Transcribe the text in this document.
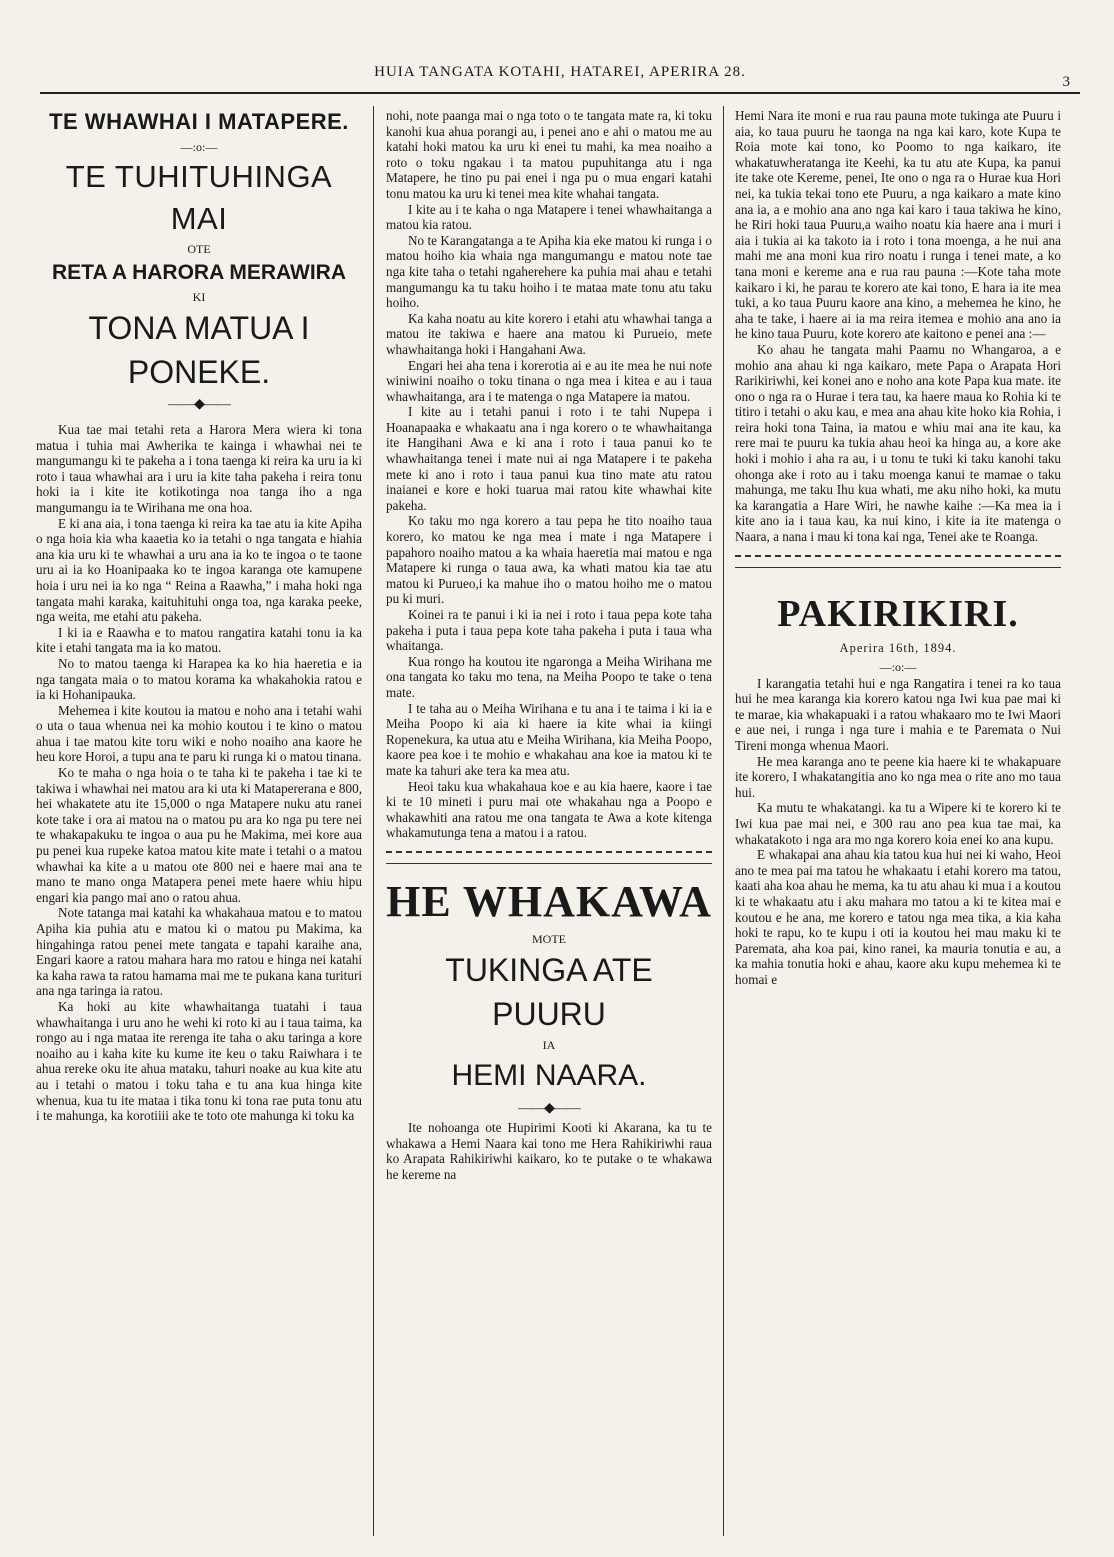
HUIA TANGATA KOTAHI, HATAREI, APERIRA 28.
3
TE WHAWHAI I MATAPERE.
—:o:—
TE TUHITUHINGA MAI
OTE
RETA A HARORA MERAWIRA
KI
TONA MATUA I PONEKE.
——◆——

Kua tae mai tetahi reta a Harora Mera wiera ki tona matua i tuhia mai Awherika te kainga i whawhai nei te mangumangu ki te pakeha a i tona taenga ki reira ka uru ia ki roto i taua whawhai ara i uru ia kite taha pakeha i reira tonu hoki ia i kite ite kotikotinga noa tanga iho a nga mangumangu ia te Wirihana me ona hoa.

E ki ana aia, i tona taenga ki reira ka tae atu ia kite Apiha o nga hoia kia wha kaaetia ko ia tetahi o nga tangata e hiahia ana kia uru ki te whawhai a uru ana ia ko te ingoa o te taone uru ai ia ko Hoanipaaka ko te ingoa karanga ote kamupene hoia i uru nei ia ko nga “ Reina a Raawha,” i maha hoki nga tangata mahi karaka, kaituhituhi onga toa, nga karaka peeke, nga weita, me etahi atu pakeha.

I ki ia e Raawha e to matou rangatira katahi tonu ia ka kite i etahi tangata ma ia ko matou.

No to matou taenga ki Harapea ka ko hia haeretia e ia nga tangata maia o to matou korama ka whakahokia ratou e ia ki Hohanipauka.

Mehemea i kite koutou ia matou e noho ana i tetahi wahi o uta o taua whenua nei ka mohio koutou i te kino o matou ahua i tae matou kite toru wiki e noho noaiho ana kaore he heu kore Horoi, a tupu ana te paru ki runga ki o matou tinana.

Ko te maha o nga hoia o te taha ki te pakeha i tae ki te takiwa i whawhai nei matou ara ki uta ki Matapererana e 800, hei whakatete atu ite 15,000 o nga Matapere nuku atu ranei kote take i ora ai matou na o matou pu ara ko nga pu tere nei te whakapakuku te ingoa o aua pu he Makima, mei kore aua pu penei kua rupeke katoa matou kite mate i tetahi o a matou whawhai ka kite a u matou ote 800 nei e haere mai ana te mano te mano onga Matapera penei mete haere whiu hipu engari kia pango mai ano o ratou ahua.

Note tatanga mai katahi ka whakahaua matou e to matou Apiha kia puhia atu e matou ki o matou pu Makima, ka hingahinga ratou penei mete tangata e tapahi karaihe ana, Engari kaore a ratou mahara hara mo ratou e hinga nei katahi ka kaha rawa ta ratou hamama mai me te pukana kana turituri ana nga taringa ia ratou.

Ka hoki au kite whawhaitanga tuatahi i taua whawhaitanga i uru ano he wehi ki roto ki au i taua taima, ka rongo au i nga mataa ite rerenga ite taha o aku taringa a kore noaiho au i kaha kite ku kume ite keu o taku Raiwhara i te ahua rereke oku ite ahua mataku, tahuri noake au kua kite atu au i tetahi o matou i toku taha e tu ana kua hinga kite whenua, kua tu ite mataa i tika tonu ki tona rae puta tonu atu i te mahunga, ka korotiiii ake te toto ote mahunga ki toku ka

nohi, note paanga mai o nga toto o te tangata mate ra, ki toku kanohi kua ahua porangi au, i penei ano e ahi o matou me au katahi hoki matou ka uru ki enei tu mahi, ka mea noaiho a roto o toku ngakau i ta matou pupuhitanga atu i nga Matapere, he tino pu pai enei i nga pu o mua engari katahi tonu matou ka uru ki tenei mea kite whahai tangata.

I kite au i te kaha o nga Matapere i tenei whawhaitanga a matou kia ratou.

No te Karangatanga a te Apiha kia eke matou ki runga i o matou hoiho kia whaia nga mangumangu e matou note tae nga kite taha o tetahi ngaherehere ka puhia mai ahau e tetahi mangumangu ka tu taku hoiho i te mataa mate tonu atu taku hoiho.

Ka kaha noatu au kite korero i etahi atu whawhai tanga a matou ite takiwa e haere ana matou ki Purueio, mete whawhaitanga hoki i Hangahani Awa.

Engari hei aha tena i korerotia ai e au ite mea he nui note winiwini noaiho o toku tinana o nga mea i kitea e au i taua whawhaitanga, ara i te matenga o nga Matapere ia matou.

I kite au i tetahi panui i roto i te tahi Nupepa i Hoanapaaka e whakaatu ana i nga korero o te whawhaitanga ite Hangihani Awa e ki ana i roto i taua panui ko te whawhaitanga tenei i mate nui ai nga Matapere i te pakeha mete ki ano i roto i taua panui kua tino mate atu ratou inaianei e kore e hoki tuarua mai ratou kite whawhai kite pakeha.

Ko taku mo nga korero a tau pepa he tito noaiho taua korero, ko matou ke nga mea i mate i nga Matapere i papahoro noaiho matou a ka whaia haeretia mai matou e nga Matapere ki runga o taua awa, ka whati matou kia tae atu matou ki Purueo,i ka mahue iho o matou hoiho me o matou pu ki muri.

Koinei ra te panui i ki ia nei i roto i taua pepa kote taha pakeha i puta i taua pepa kote taha pakeha i puta i taua wha whaitanga.

Kua rongo ha koutou ite ngaronga a Meiha Wirihana me ona tangata ko taku mo tena, na Meiha Poopo te take o tena mate.

I te taha au o Meiha Wirihana e tu ana i te taima i ki ia e Meiha Poopo ki aia ki haere ia kite whai ia kiingi Ropenekura, ka utua atu e Meiha Wirihana, kia Meiha Poopo, kaore pea koe i te mohio e whakahau ana koe ia matou ki te mate ka tahuri ake tera ka mea atu.

Heoi taku kua whakahaua koe e au kia haere, kaore i tae ki te 10 mineti i puru mai ote whakahau nga a Poopo e whakawhiti ana ratou me ona tangata te Awa a kote kitenga whakamutunga tena a matou i a ratou.

HE WHAKAWA
MOTE
TUKINGA ATE PUURU
IA
HEMI NAARA.
——◆——

Ite nohoanga ote Hupirimi Kooti ki Akarana, ka tu te whakawa a Hemi Naara kai tono me Hera Rahikiriwhi raua ko Arapata Rahikiriwhi kaikaro, ko te putake o te whakawa he kereme na

Hemi Nara ite moni e rua rau pauna mote tukinga ate Puuru i aia, ko taua puuru he taonga na nga kai karo, kote Kupa te Roia mote kai tono, ko Poomo to nga kaikaro, ite whakatuwheratanga ite Keehi, ka tu atu ate Kupa, ka panui ite take ote Kereme, penei, Ite ono o nga ra o Hurae kua Hori nei, ka tukia tekai tono ete Puuru, a nga kaikaro a mate kino ana ia, a e mohio ana ano nga kai karo i taua takiwa he kino, he Riri hoki taua Puuru,a waiho noatu kia haere ana i muri i aia i tukia ai ka takoto ia i roto i tona moenga, a he nui ana mahi me ana moni kua riro noatu i runga i tenei mate, a ko tana moni e kereme ana e rua rau pauna :—Kote taha mote kaikaro i ki, he parau te korero ate kai tono, E hara ia ite mea tuki, a ko taua Puuru kaore ana kino, a mehemea he kino, he aha te take, i haere ai ia ma reira itemea e mohio ana ano ia he kino taua Puuru, kote korero ate kaitono e penei ana :—

Ko ahau he tangata mahi Paamu no Whangaroa, a e mohio ana ahau ki nga kaikaro, mete Papa o Arapata Hori Rarikiriwhi, kei konei ano e noho ana kote Papa kua mate. ite ono o nga ra o Hurae i tera tau, ka haere maua ko Rohia ki te titiro i tetahi o aku kau, e mea ana ahau kite hoko kia Rohia, i reira hoki tona Taina, ia matou e whiu mai ana ite kau, ka rere mai te puuru ka tukia ahau heoi ka hinga au, a kore ake hoki i mohio i aha ra au, i u tonu te tuki ki taku kanohi taku ohonga ake i roto au i taku moenga kanui te mamae o taku mahunga, me taku Ihu kua whati, me aku niho hoki, ka mutu ka karangatia a Hare Wiri, he nawhe kaihe :—Ka mea ia i kite ano ia i taua kau, ka nui kino, i kite ia ite matenga o Naara, a nana i mau ki tona kai nga, Tenei ake te Roanga.

PAKIRIKIRI.
Aperira 16th, 1894.
—:o:—

I karangatia tetahi hui e nga Rangatira i tenei ra ko taua hui he mea karanga kia korero katou nga Iwi kua pae mai ki te marae, kia whakapuaki i a ratou whakaaro mo te Iwi Maori e aue nei, i runga i nga ture i mahia e te Paremata o Nui Tireni monga whenua Maori.

He mea karanga ano te peene kia haere ki te whakapuare ite korero, I whakatangitia ano ko nga mea o rite ano mo taua hui.

Ka mutu te whakatangi. ka tu a Wipere ki te korero ki te Iwi kua pae mai nei, e 300 rau ano pea kua tae mai, ka whakatakoto i nga ara mo nga korero koia enei ko ana kupu.

E whakapai ana ahau kia tatou kua hui nei ki waho, Heoi ano te mea pai ma tatou he whakaatu i etahi korero ma tatou, kaati aha koa ahau he mema, ka tu atu ahau ki mua i a koutou ki te whakaatu atu i aku mahara mo tatou a ki te kitea mai e koutou e he ana, me korero e tatou nga mea tika, a kia kaha hoki te rapu, ko te kupu i oti ia koutou hei mau maku ki te Paremata, aha koa pai, kino ranei, ka mauria tonutia e au, a ka mahia tonutia hoki e ahau, kaore aku kupu mehemea ki te homai e
